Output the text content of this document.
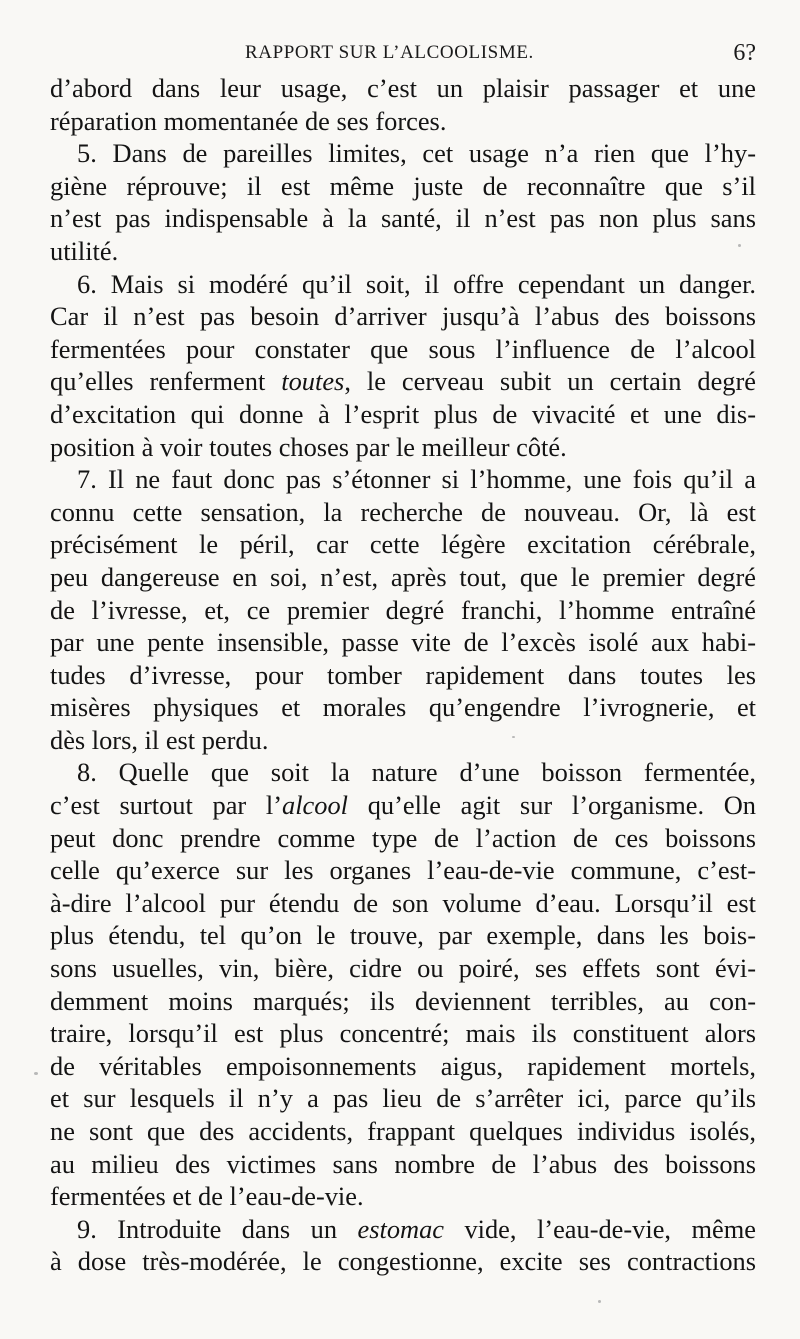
RAPPORT SUR L’ALCOOLISME.	6?
d’abord dans leur usage, c’est un plaisir passager et une
réparation momentanée de ses forces.
5. Dans de pareilles limites, cet usage n’a rien que l’hy-
giène réprouve; il est même juste de reconnaître que s’il
n’est pas indispensable à la santé, il n’est pas non plus sans
utilité.
6. Mais si modéré qu’il soit, il offre cependant un danger.
Car il n’est pas besoin d’arriver jusqu’à l’abus des boissons
fermentées pour constater que sous l’influence de l’alcool
qu’elles renferment toutes, le cerveau subit un certain degré
d’excitation qui donne à l’esprit plus de vivacité et une dis-
position à voir toutes choses par le meilleur côté.
7. Il ne faut donc pas s’étonner si l’homme, une fois qu’il a
connu cette sensation, la recherche de nouveau. Or, là est
précisément le péril, car cette légère excitation cérébrale,
peu dangereuse en soi, n’est, après tout, que le premier degré
de l’ivresse, et, ce premier degré franchi, l’homme entraîné
par une pente insensible, passe vite de l’excès isolé aux habi-
tudes d’ivresse, pour tomber rapidement dans toutes les
misères physiques et morales qu’engendre l’ivrognerie, et
dès lors, il est perdu.
8. Quelle que soit la nature d’une boisson fermentée,
c’est surtout par l’alcool qu’elle agit sur l’organisme. On
peut donc prendre comme type de l’action de ces boissons
celle qu’exerce sur les organes l’eau-de-vie commune, c’est-
à-dire l’alcool pur étendu de son volume d’eau. Lorsqu’il est
plus étendu, tel qu’on le trouve, par exemple, dans les bois-
sons usuelles, vin, bière, cidre ou poiré, ses effets sont évi-
demment moins marqués; ils deviennent terribles, au con-
traire, lorsqu’il est plus concentré; mais ils constituent alors
de véritables empoisonnements aigus, rapidement mortels,
et sur lesquels il n’y a pas lieu de s’arrêter ici, parce qu’ils
ne sont que des accidents, frappant quelques individus isolés,
au milieu des victimes sans nombre de l’abus des boissons
fermentées et de l’eau-de-vie.
9. Introduite dans un estomac vide, l’eau-de-vie, même
à dose très-modérée, le congestionne, excite ses contractions
